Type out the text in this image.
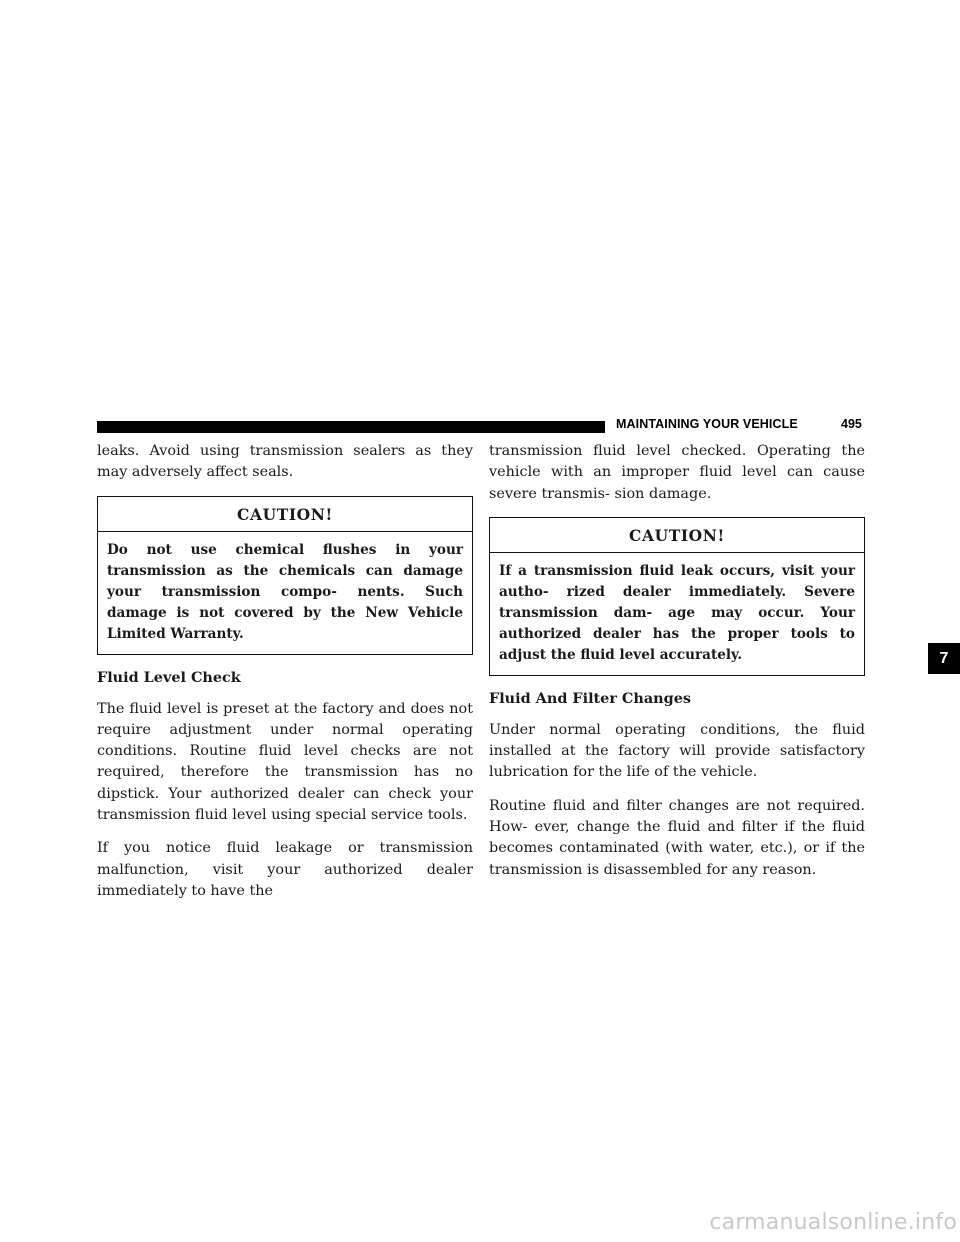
MAINTAINING YOUR VEHICLE	495

leaks. Avoid using transmission sealers as they may adversely affect seals.

CAUTION!
Do not use chemical flushes in your transmission as the chemicals can damage your transmission compo- nents. Such damage is not covered by the New Vehicle Limited Warranty.
Fluid Level Check

The fluid level is preset at the factory and does not require adjustment under normal operating conditions. Routine fluid level checks are not required, therefore the transmission has no dipstick. Your authorized dealer can check your transmission fluid level using special service tools.

If you notice fluid leakage or transmission malfunction, visit your authorized dealer immediately to have the

transmission fluid level checked. Operating the vehicle with an improper fluid level can cause severe transmis- sion damage.

CAUTION!
If a transmission fluid leak occurs, visit your autho- rized dealer immediately. Severe transmission dam- age may occur. Your authorized dealer has the proper tools to adjust the fluid level accurately.
Fluid And Filter Changes

Under normal operating conditions, the fluid installed at the factory will provide satisfactory lubrication for the life of the vehicle.

Routine fluid and filter changes are not required. How- ever, change the fluid and filter if the fluid becomes contaminated (with water, etc.), or if the transmission is disassembled for any reason.

7
carmanualsonline.info
